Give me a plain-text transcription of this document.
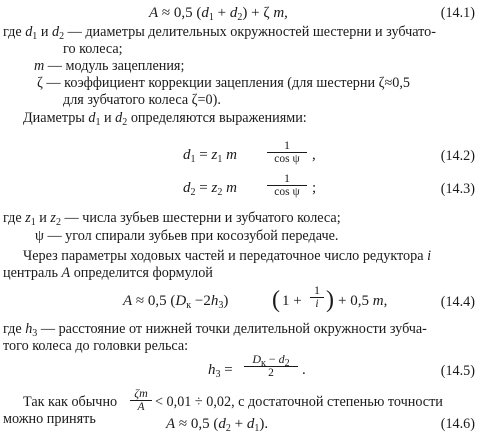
A ≈ 0,5 $(d_1 + d_2) + \zeta$ m,	(14.1)
где $d_1$ и $d_2$ — диаметры делительных окружностей шестерни и зубчато-
го колеса;
m — модуль зацепления;
ζ — коэффициент коррекции зацепления (для шестерни ζ≈0,5
для зубчатого колеса ζ=0).
Диаметры $d_1$ и $d_2$ определяются выражениями:
$d_1 = z_1$ m
1
cos ψ ,	(14.2)
$d_2 = z_2$ m
1
cos ψ ;	(14.3)
где $z_1$ и $z_2$ — числа зубьев шестерни и зубчатого колеса;
ψ — угол спирали зубьев при косозубой передаче.
Через параметры ходовых частей и передаточное число редуктора i
централь A определится формулой
A ≈ 0,5 $(D_к -2h_3)$ ( 1 +
1
i ) + 0,5 m,	(14.4)
где $h_3$ — расстояние от нижней точки делительной окружности зубча-
того колеса до головки рельса:
$h_3$ =
$D_к - d_2$
2	.	(14.5)
Так как обычно
ζm
A < 0,01 ÷ 0,02, с достаточной степенью точности
можно принять	A ≈ 0,5 $(d_2 + d_1)$.	(14.6)
